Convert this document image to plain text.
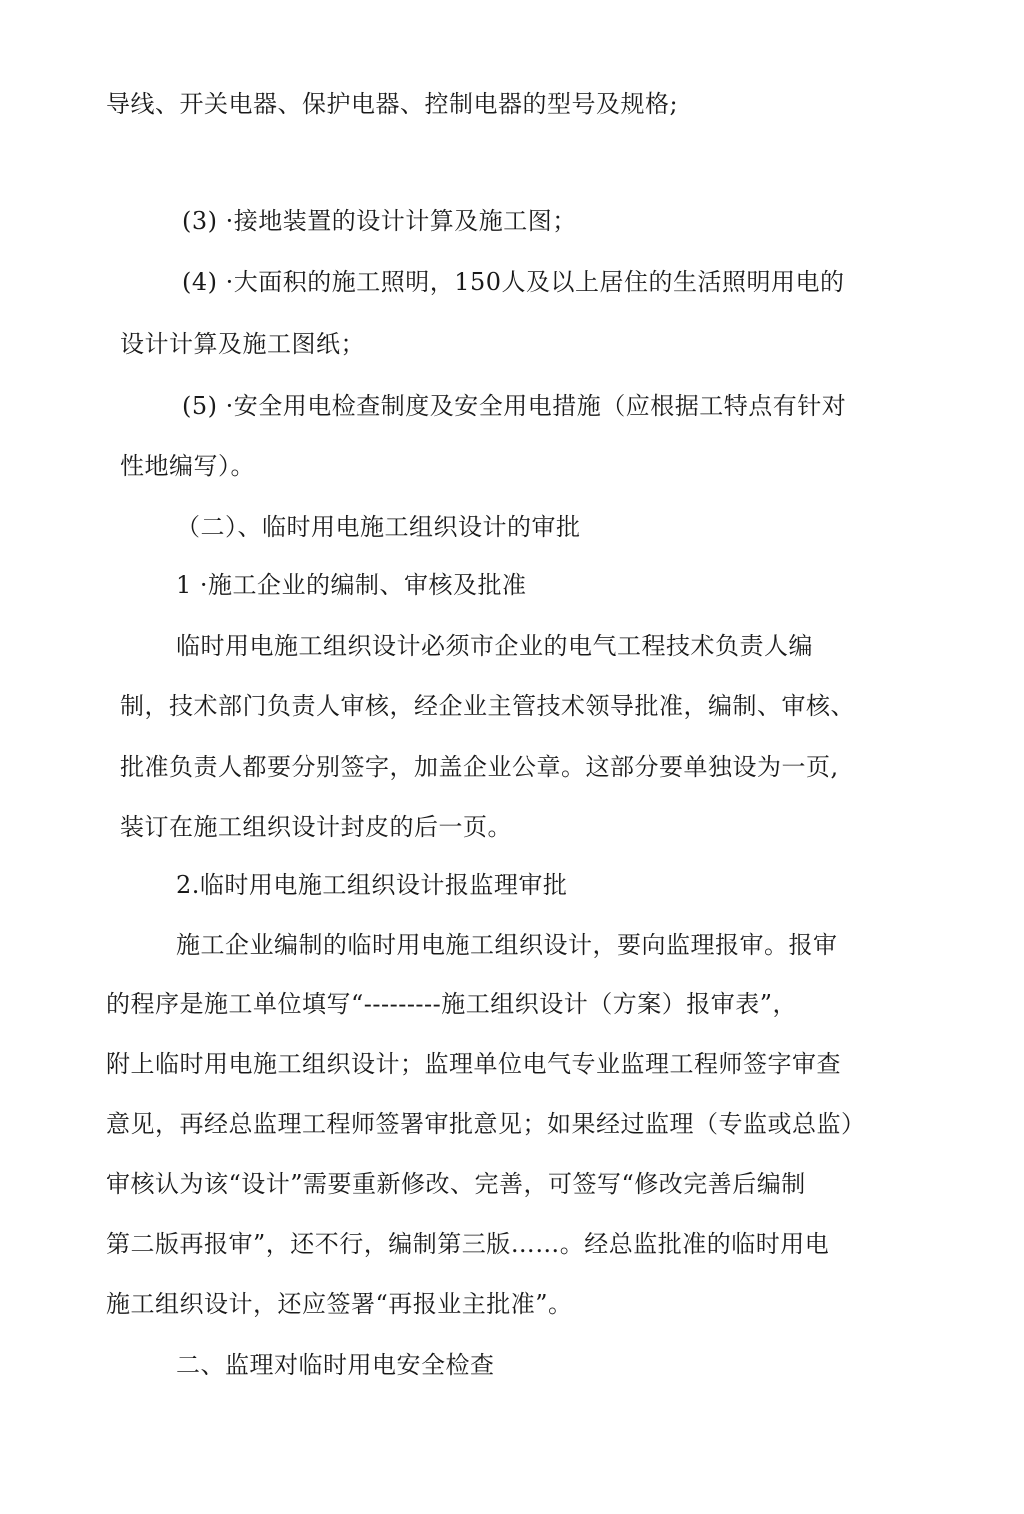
导线、开关电器、保护电器、控制电器的型号及规格;
(3) ·接地装置的设计计算及施工图；
(4) ·大面积的施工照明，150人及以上居住的生活照明用电的
设计计算及施工图纸；
(5) ·安全用电检查制度及安全用电措施（应根据工特点有针对
性地编写）。
（二）、临时用电施工组织设计的审批
1 ·施工企业的编制、审核及批准
临时用电施工组织设计必须市企业的电气工程技术负责人编
制，技术部门负责人审核，经企业主管技术领导批准，编制、审核、
批准负责人都要分别签字，加盖企业公章。这部分要单独设为一页,
装订在施工组织设计封皮的后一页。
2.临时用电施工组织设计报监理审批
施工企业编制的临时用电施工组织设计，要向监理报审。报审
的程序是施工单位填写“---------施工组织设计（方案）报审表”，
附上临时用电施工组织设计；监理单位电气专业监理工程师签字审查
意见，再经总监理工程师签署审批意见；如果经过监理（专监或总监）
审核认为该“设计”需要重新修改、完善，可签写“修改完善后编制
第二版再报审”，还不行，编制第三版……。经总监批准的临时用电
施工组织设计，还应签署“再报业主批准”。
二、监理对临时用电安全检查
